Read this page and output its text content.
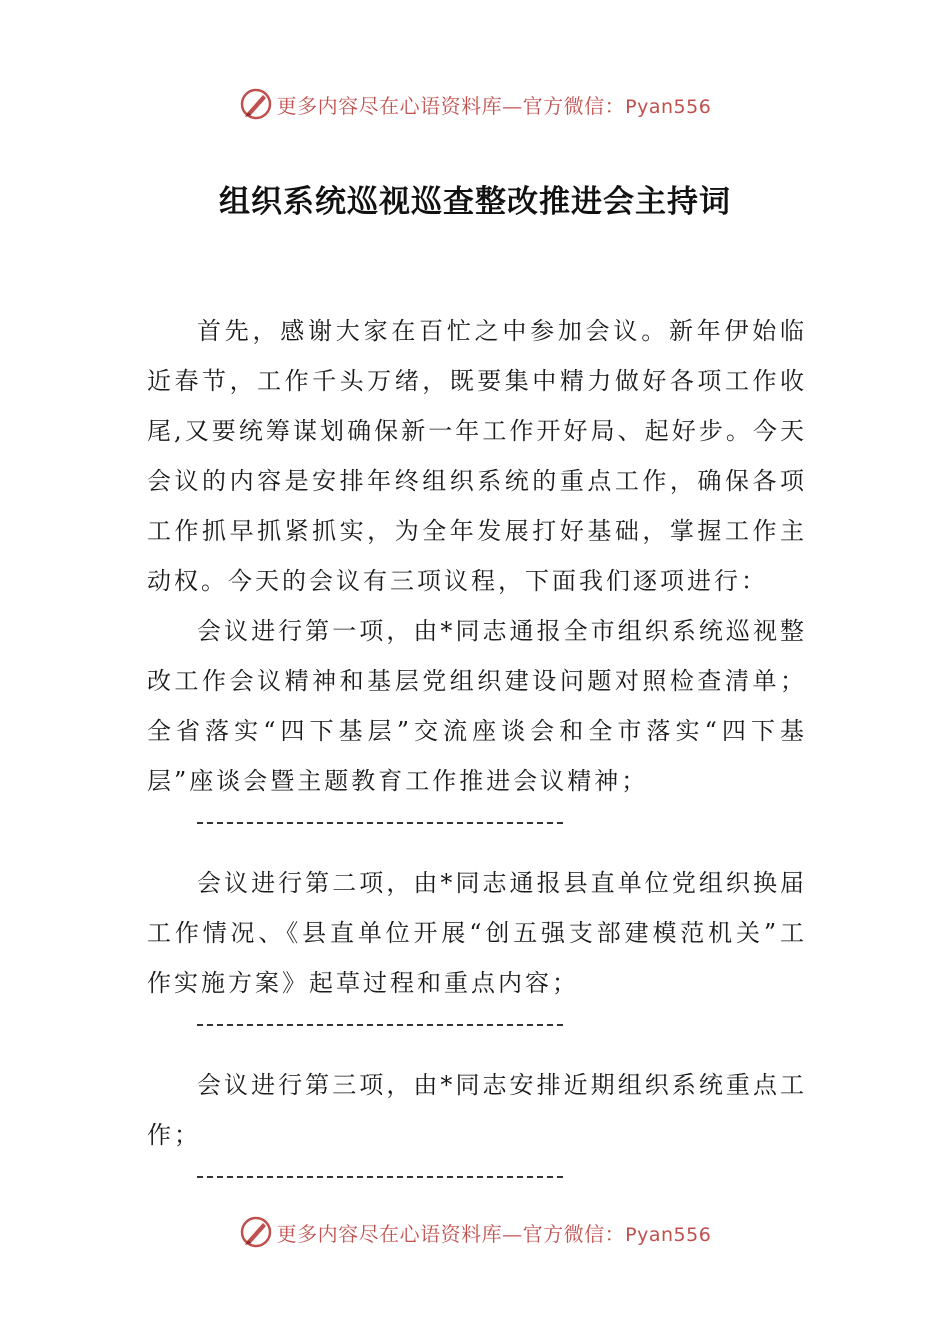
更多内容尽在心语资料库—官方微信：Pyan556
组织系统巡视巡查整改推进会主持词

首先，感谢大家在百忙之中参加会议。新年伊始临近春节，工作千头万绪，既要集中精力做好各项工作收尾,又要统筹谋划确保新一年工作开好局、起好步。今天会议的内容是安排年终组织系统的重点工作，确保各项工作抓早抓紧抓实，为全年发展打好基础，掌握工作主动权。今天的会议有三项议程，下面我们逐项进行：

会议进行第一项，由*同志通报全市组织系统巡视整改工作会议精神和基层党组织建设问题对照检查清单；全省落实“四下基层”交流座谈会和全市落实“四下基层”座谈会暨主题教育工作推进会议精神；

会议进行第二项，由*同志通报县直单位党组织换届工作情况、《县直单位开展“创五强支部建模范机关”工作实施方案》起草过程和重点内容；

会议进行第三项，由*同志安排近期组织系统重点工作；

更多内容尽在心语资料库—官方微信：Pyan556
